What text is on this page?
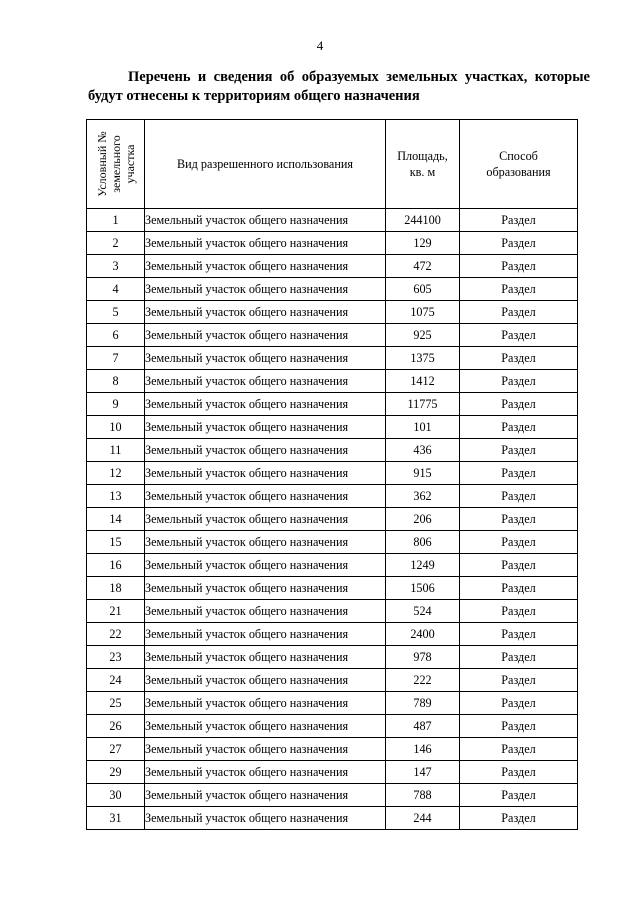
4
Перечень и сведения об образуемых земельных участках, которые
будут отнесены к территориям общего назначения
Условный № земельного участка	Вид разрешенного использования	Площадь, кв. м	Способ образования
1	Земельный участок общего назначения	244100	Раздел
2	Земельный участок общего назначения	129	Раздел
3	Земельный участок общего назначения	472	Раздел
4	Земельный участок общего назначения	605	Раздел
5	Земельный участок общего назначения	1075	Раздел
6	Земельный участок общего назначения	925	Раздел
7	Земельный участок общего назначения	1375	Раздел
8	Земельный участок общего назначения	1412	Раздел
9	Земельный участок общего назначения	11775	Раздел
10	Земельный участок общего назначения	101	Раздел
11	Земельный участок общего назначения	436	Раздел
12	Земельный участок общего назначения	915	Раздел
13	Земельный участок общего назначения	362	Раздел
14	Земельный участок общего назначения	206	Раздел
15	Земельный участок общего назначения	806	Раздел
16	Земельный участок общего назначения	1249	Раздел
18	Земельный участок общего назначения	1506	Раздел
21	Земельный участок общего назначения	524	Раздел
22	Земельный участок общего назначения	2400	Раздел
23	Земельный участок общего назначения	978	Раздел
24	Земельный участок общего назначения	222	Раздел
25	Земельный участок общего назначения	789	Раздел
26	Земельный участок общего назначения	487	Раздел
27	Земельный участок общего назначения	146	Раздел
29	Земельный участок общего назначения	147	Раздел
30	Земельный участок общего назначения	788	Раздел
31	Земельный участок общего назначения	244	Раздел
